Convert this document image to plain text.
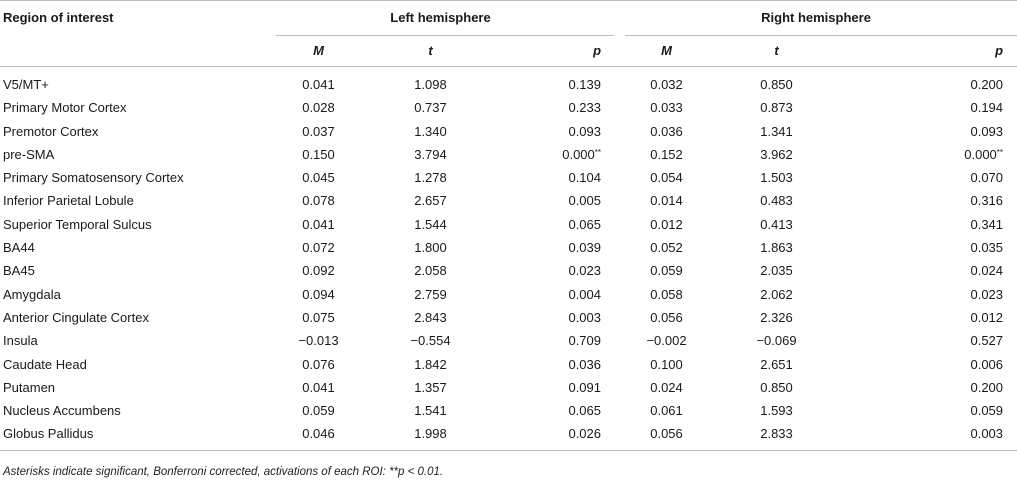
Region of interest	Left hemisphere			Right hemisphere		
	M	t	p	M	t	p
V5/MT+	0.041	1.098	0.139	0.032	0.850	0.200
Primary Motor Cortex	0.028	0.737	0.233	0.033	0.873	0.194
Premotor Cortex	0.037	1.340	0.093	0.036	1.341	0.093
pre-SMA	0.150	3.794	0.000**	0.152	3.962	0.000**
Primary Somatosensory Cortex	0.045	1.278	0.104	0.054	1.503	0.070
Inferior Parietal Lobule	0.078	2.657	0.005	0.014	0.483	0.316
Superior Temporal Sulcus	0.041	1.544	0.065	0.012	0.413	0.341
BA44	0.072	1.800	0.039	0.052	1.863	0.035
BA45	0.092	2.058	0.023	0.059	2.035	0.024
Amygdala	0.094	2.759	0.004	0.058	2.062	0.023
Anterior Cingulate Cortex	0.075	2.843	0.003	0.056	2.326	0.012
Insula	−0.013	−0.554	0.709	−0.002	−0.069	0.527
Caudate Head	0.076	1.842	0.036	0.100	2.651	0.006
Putamen	0.041	1.357	0.091	0.024	0.850	0.200
Nucleus Accumbens	0.059	1.541	0.065	0.061	1.593	0.059
Globus Pallidus	0.046	1.998	0.026	0.056	2.833	0.003
Asterisks indicate significant, Bonferroni corrected, activations of each ROI: **p < 0.01.
